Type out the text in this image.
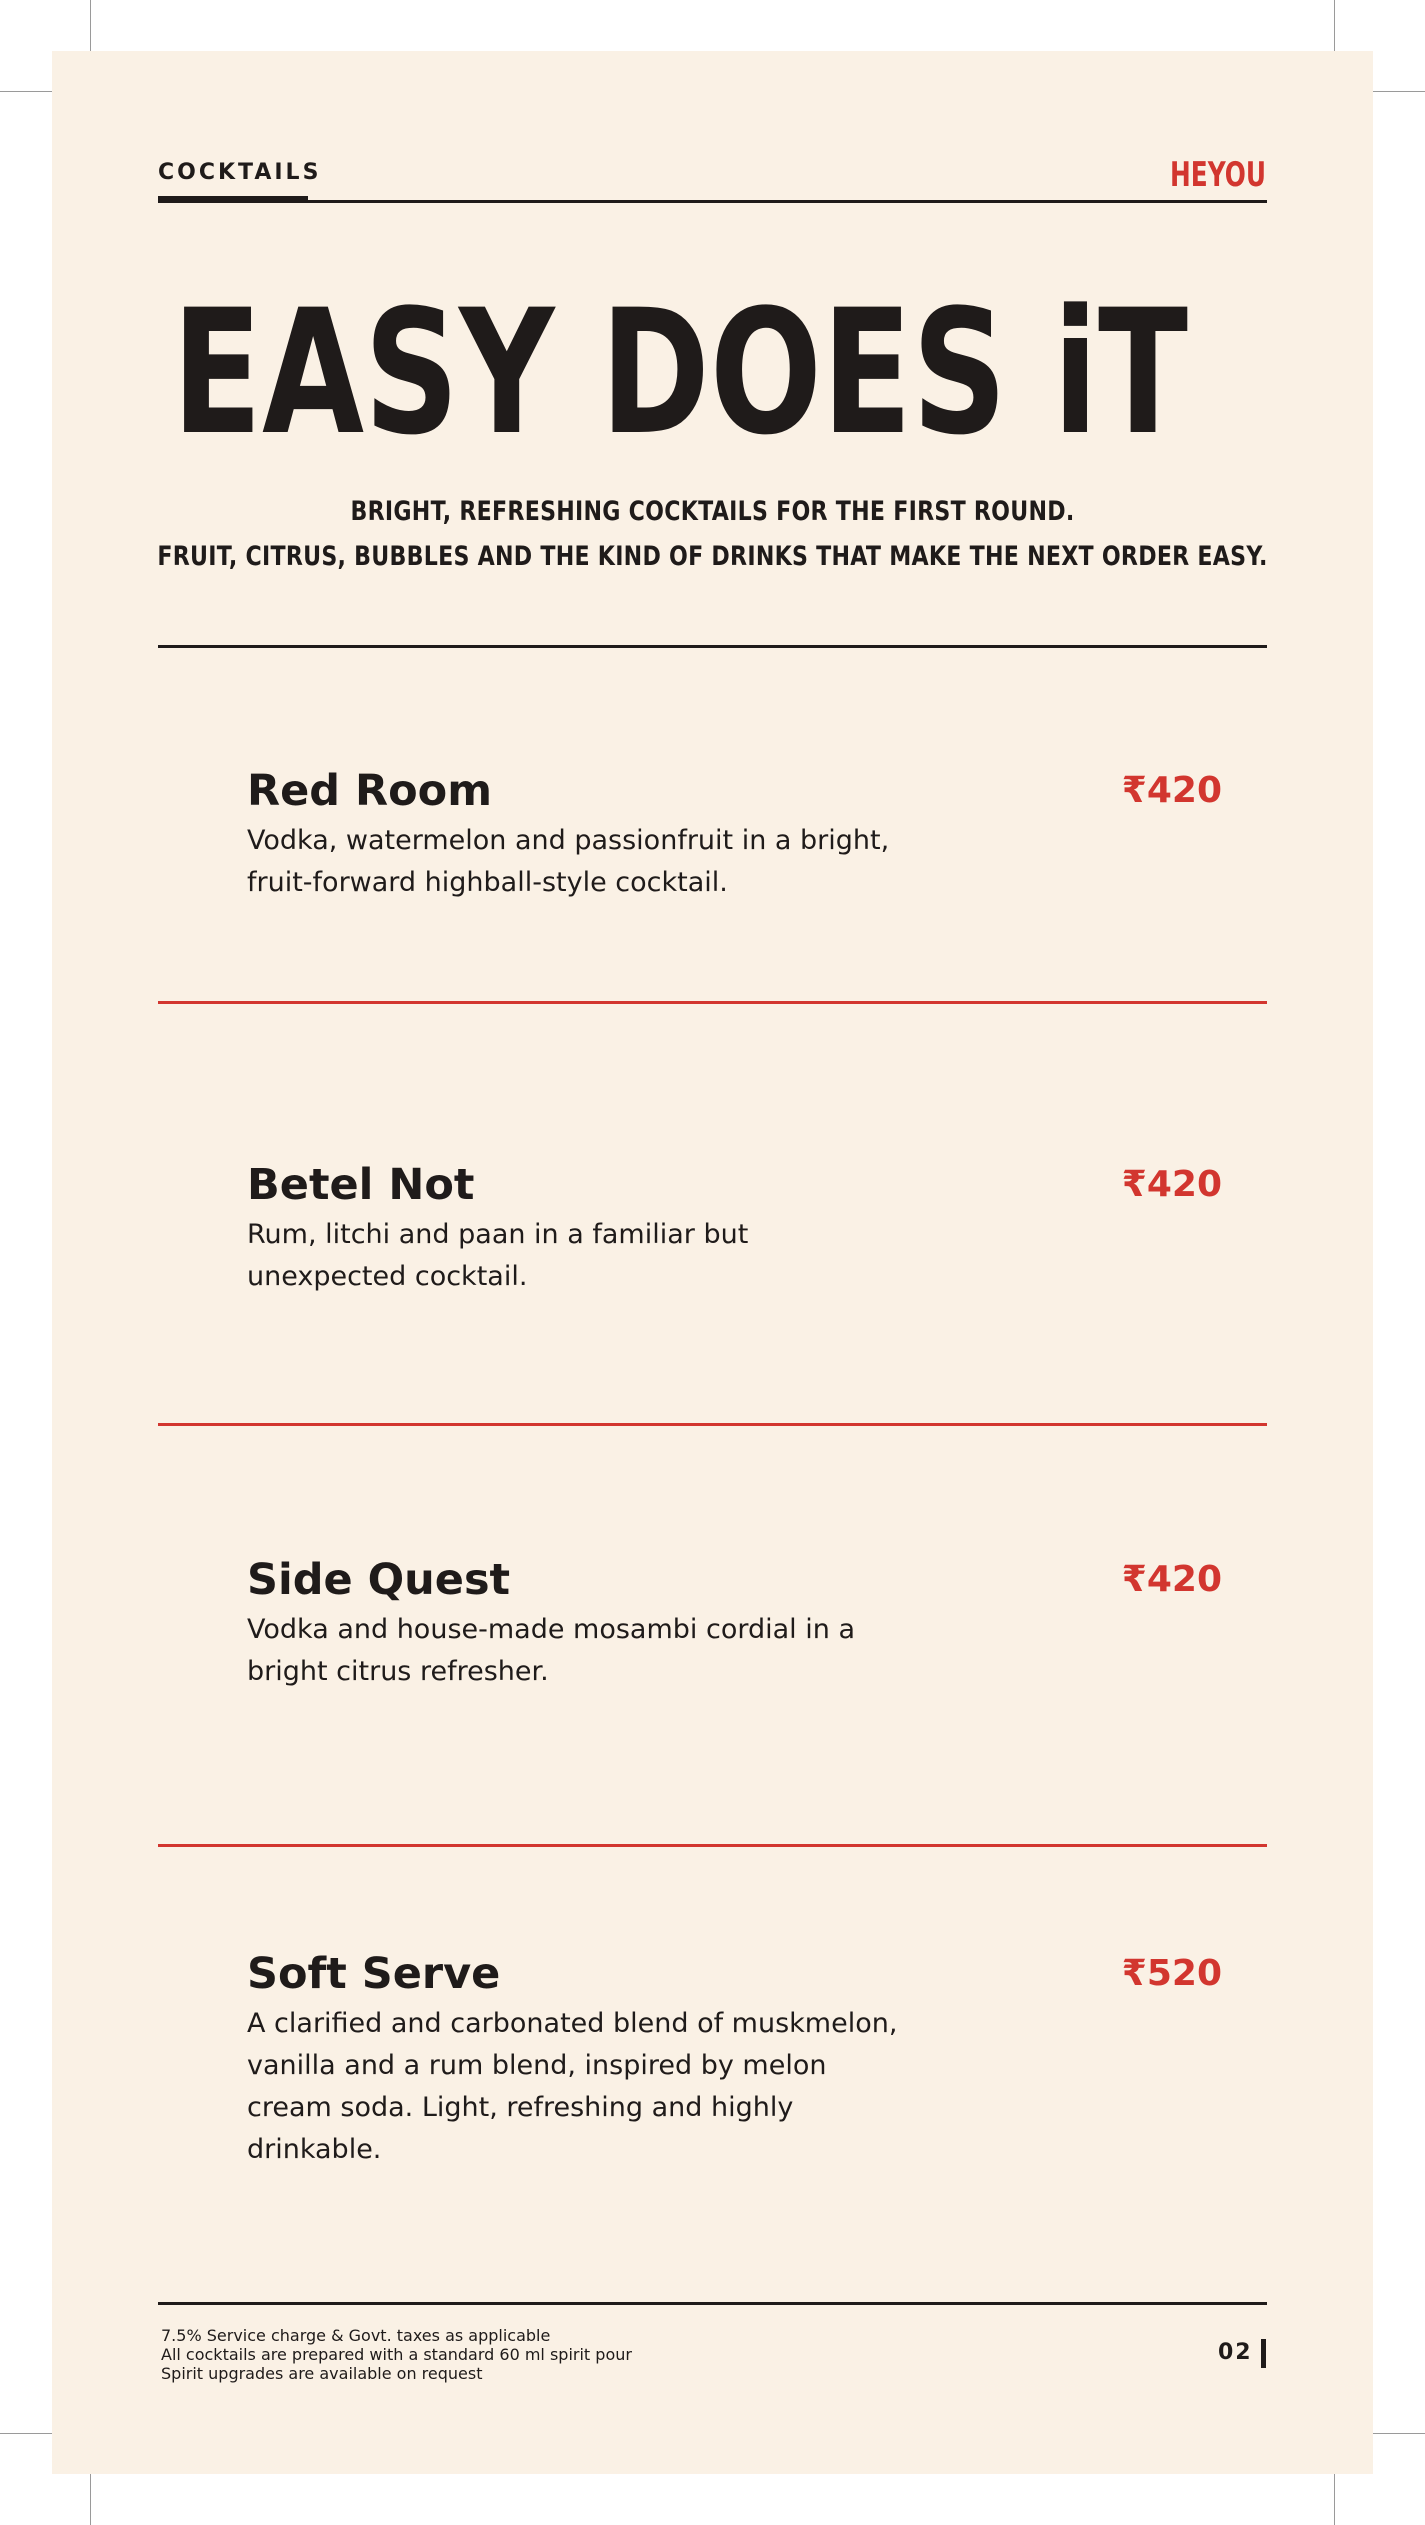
COCKTAILS	HEYOU
EASY DOES iT
BRIGHT, REFRESHING COCKTAILS FOR THE FIRST ROUND.
FRUIT, CITRUS, BUBBLES AND THE KIND OF DRINKS THAT MAKE THE NEXT ORDER EASY.
Red Room
Vodka, watermelon and passionfruit in a bright, fruit-forward highball-style cocktail.
₹420
Betel Not
Rum, litchi and paan in a familiar but unexpected cocktail.
₹420
Side Quest
Vodka and house-made mosambi cordial in a bright citrus refresher.
₹420
Soft Serve
A clarified and carbonated blend of muskmelon, vanilla and a rum blend, inspired by melon cream soda. Light, refreshing and highly drinkable.
₹520
7.5% Service charge & Govt. taxes as applicable
All cocktails are prepared with a standard 60 ml spirit pour
Spirit upgrades are available on request
02
